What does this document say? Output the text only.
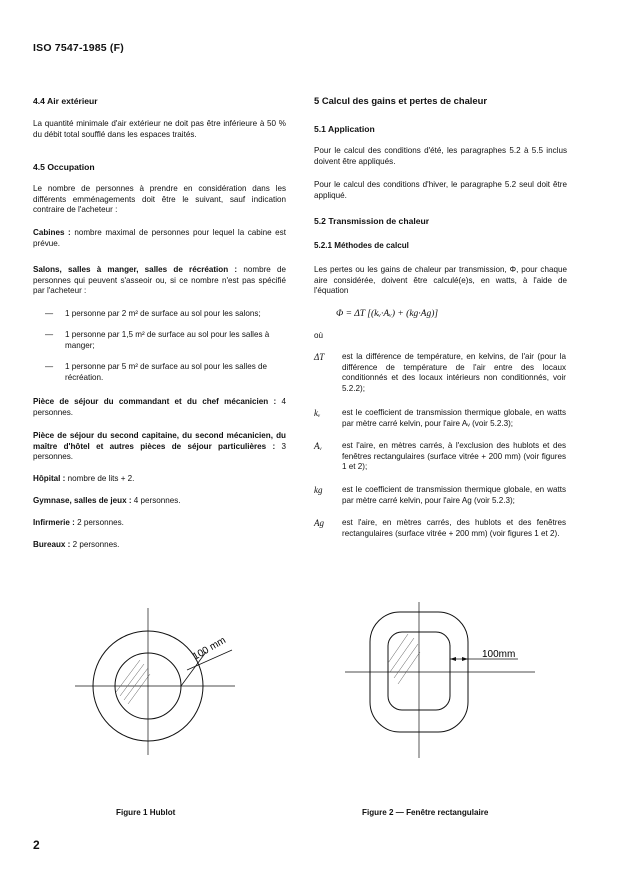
ISO 7547-1985 (F)
4.4 Air extérieur

La quantité minimale d'air extérieur ne doit pas être inférieure à 50 % du débit total soufflé dans les espaces traités.

4.5 Occupation

Le nombre de personnes à prendre en considération dans les différents emménagements doit être le suivant, sauf indication contraire de l'acheteur :

Cabines : nombre maximal de personnes pour lequel la cabine est prévue.

Salons, salles à manger, salles de récréation : nombre de personnes qui peuvent s'asseoir ou, si ce nombre n'est pas spécifié par l'acheteur :

—	1 personne par 2 m² de surface au sol pour les salons;
—	1 personne par 1,5 m² de surface au sol pour les salles à manger;
—	1 personne par 5 m² de surface au sol pour les salles de récréation.

Pièce de séjour du commandant et du chef mécanicien : 4 personnes.

Pièce de séjour du second capitaine, du second mécanicien, du maître d'hôtel et autres pièces de séjour particulières : 3 personnes.

Hôpital : nombre de lits + 2.

Gymnase, salles de jeux : 4 personnes.

Infirmerie : 2 personnes.

Bureaux : 2 personnes.

5 Calcul des gains et pertes de chaleur
5.1 Application

Pour le calcul des conditions d'été, les paragraphes 5.2 à 5.5 inclus doivent être appliqués.

Pour le calcul des conditions d'hiver, le paragraphe 5.2 seul doit être appliqué.

5.2 Transmission de chaleur
5.2.1 Méthodes de calcul

Les pertes ou les gains de chaleur par transmission, Φ, pour chaque aire considérée, doivent être calculé(e)s, en watts, à l'aide de l'équation

Φ = ΔT [(kᵥ·Aᵥ) + (kg·Ag)]
où
ΔT est la différence de température, en kelvins, de l'air (pour la différence de température de l'air entre des locaux conditionnés et des locaux intérieurs non conditionnés, voir 5.2.2);
kᵥ	est le coefficient de transmission thermique globale, en watts par mètre carré kelvin, pour l'aire Aᵥ (voir 5.2.3);
Aᵥ est l'aire, en mètres carrés, à l'exclusion des hublots et des fenêtres rectangulaires (surface vitrée + 200 mm) (voir figures 1 et 2);
kg est le coefficient de transmission thermique globale, en watts par mètre carré kelvin, pour l'aire Ag (voir 5.2.3);
Ag est l'aire, en mètres carrés, des hublots et des fenêtres rectangulaires (surface vitrée + 200 mm) (voir figures 1 et 2).
100 mm	100mm
Figure 1 Hublot	Figure 2 — Fenêtre rectangulaire
2
